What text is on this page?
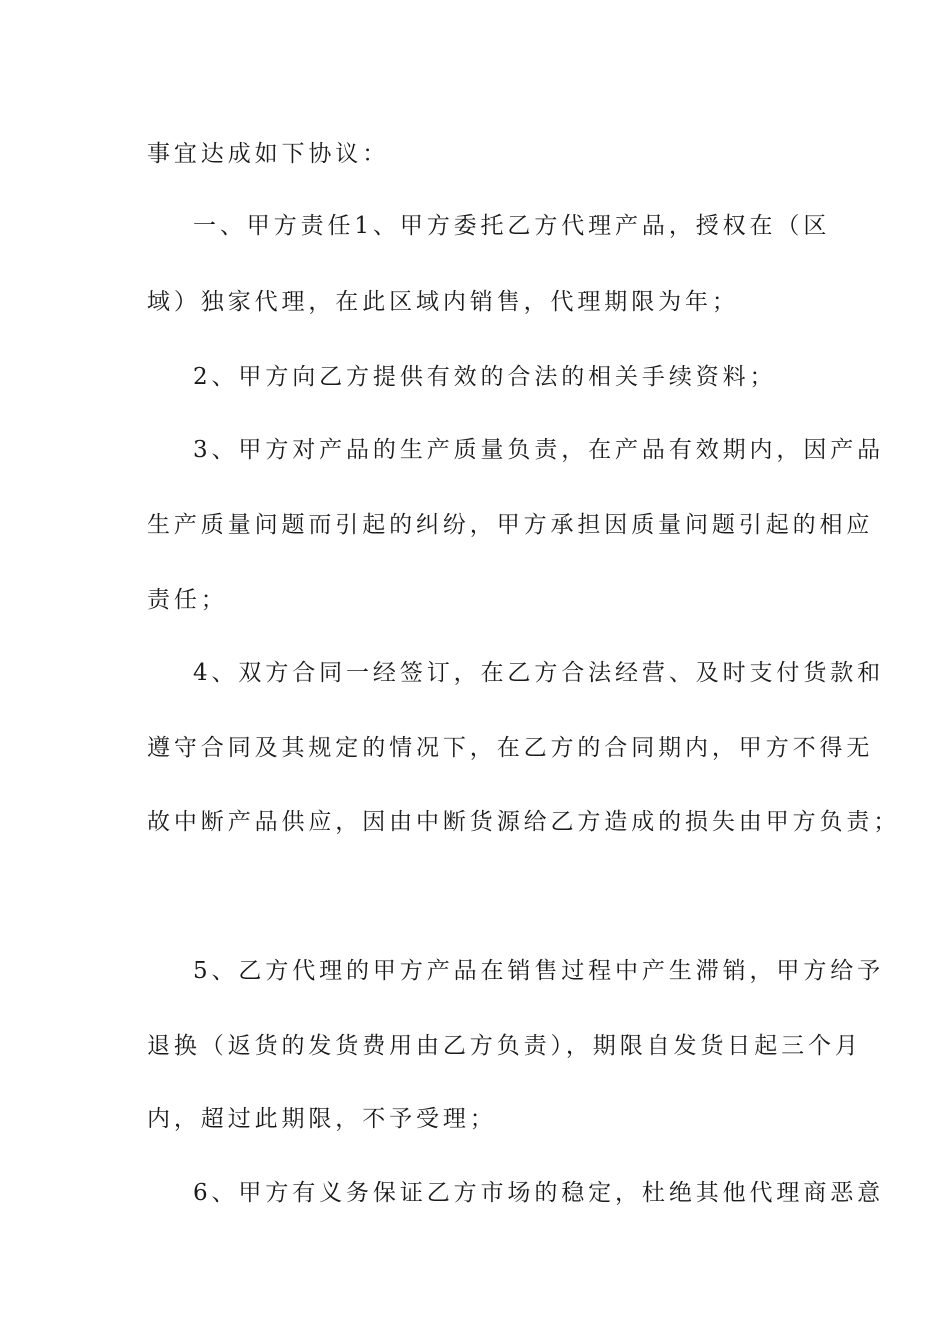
事宜达成如下协议：
一、甲方责任1、甲方委托乙方代理产品，授权在（区
域）独家代理，在此区域内销售，代理期限为年；
2、甲方向乙方提供有效的合法的相关手续资料；
3、甲方对产品的生产质量负责，在产品有效期内，因产品
生产质量问题而引起的纠纷，甲方承担因质量问题引起的相应
责任；
4、双方合同一经签订，在乙方合法经营、及时支付货款和
遵守合同及其规定的情况下，在乙方的合同期内，甲方不得无
故中断产品供应，因由中断货源给乙方造成的损失由甲方负责；
5、乙方代理的甲方产品在销售过程中产生滞销，甲方给予
退换（返货的发货费用由乙方负责），期限自发货日起三个月
内，超过此期限，不予受理；
6、甲方有义务保证乙方市场的稳定，杜绝其他代理商恶意
